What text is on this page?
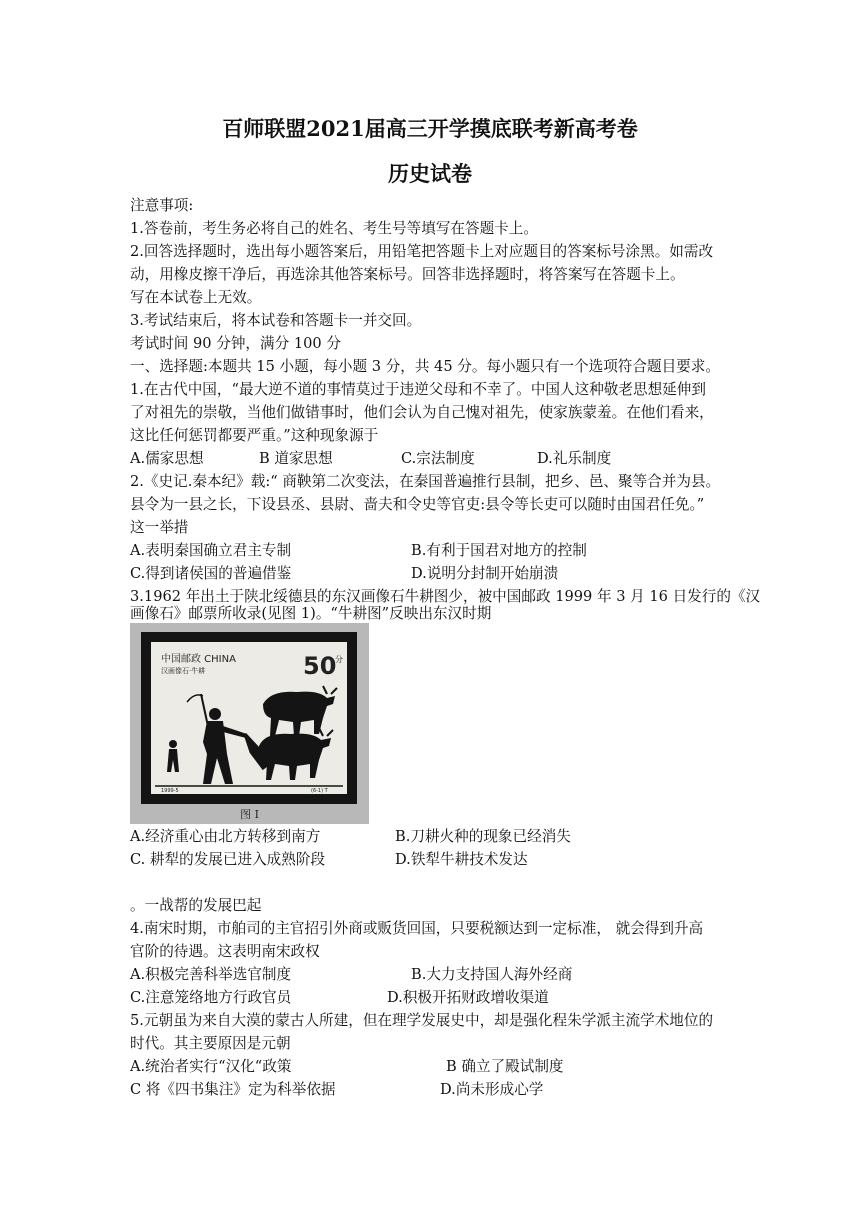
百师联盟2021届高三开学摸底联考新高考卷
历史试卷
注意事项:
1.答卷前，考生务必将自己的姓名、考生号等填写在答题卡上。
2.回答选择题时，选出每小题答案后，用铅笔把答题卡上对应题目的答案标号涂黑。如需改
动，用橡皮擦干净后，再选涂其他答案标号。回答非选择题时，将答案写在答题卡上。
写在本试卷上无效。
3.考试结束后，将本试卷和答题卡一并交回。
考试时间 90 分钟，满分 100 分
一、选择题:本题共 15 小题，每小题 3 分，共 45 分。每小题只有一个选项符合题目要求。
1.在古代中国，“最大逆不道的事情莫过于违逆父母和不幸了。中国人这种敬老思想延伸到
了对祖先的崇敬，当他们做错事时，他们会认为自己愧对祖先，使家族蒙羞。在他们看来，
这比任何惩罚都要严重。”这种现象源于
A.儒家思想	B 道家思想	C.宗法制度	D.礼乐制度
2.《史记.秦本纪》载:“ 商鞅第二次变法，在秦国普遍推行县制，把乡、邑、聚等合并为县。
县令为一县之长，下设县丞、县尉、啬夫和令史等官吏:县令等长吏可以随时由国君任免。”
这一举措
A.表明秦国确立君主专制	B.有利于国君对地方的控制
C.得到诸侯国的普遍借鉴	D.说明分封制开始崩溃
3.1962 年出土于陕北绥德县的东汉画像石牛耕图少，被中国邮政 1999 年 3 月 16 日发行的《汉
画像石》邮票所收录(见图 1)。“牛耕图”反映出东汉时期
中国邮政 CHINA
汉画像石·牛耕	50
分
1999-5	(6-1) T
图 I
A.经济重心由北方转移到南方	B.刀耕火种的现象已经消失
C. 耕犁的发展已进入成熟阶段	D.铁犁牛耕技术发达
。一战帮的发展巴起
4.南宋时期，市舶司的主官招引外商或贩货回国，只要税额达到一定标准， 就会得到升高
官阶的待遇。这表明南宋政权
A.积极完善科举选官制度	B.大力支持国人海外经商
C.注意笼络地方行政官员	D.积极开拓财政增收渠道
5.元朝虽为来自大漠的蒙古人所建，但在理学发展史中，却是强化程朱学派主流学术地位的
时代。其主要原因是元朝
A.统治者实行“汉化“政策	B 确立了殿试制度
C 将《四书集注》定为科举依据	D.尚未形成心学
